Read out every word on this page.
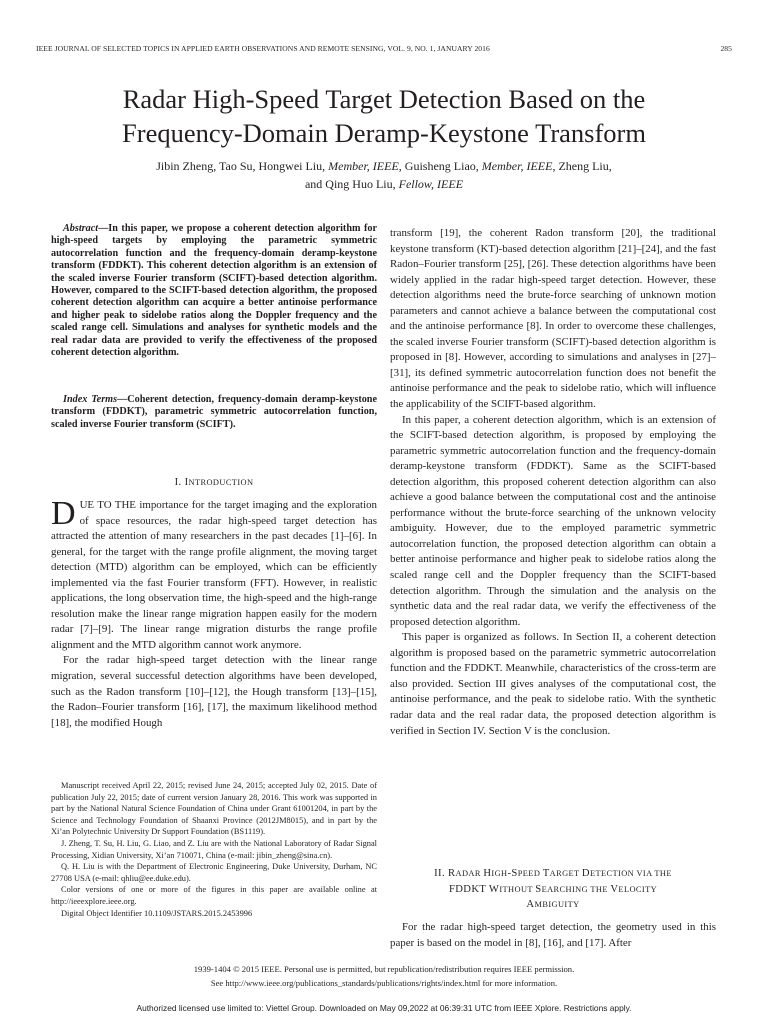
IEEE JOURNAL OF SELECTED TOPICS IN APPLIED EARTH OBSERVATIONS AND REMOTE SENSING, VOL. 9, NO. 1, JANUARY 2016	285
Radar High-Speed Target Detection Based on the
Frequency-Domain Deramp-Keystone Transform
Jibin Zheng, Tao Su, Hongwei Liu, Member, IEEE, Guisheng Liao, Member, IEEE, Zheng Liu,
and Qing Huo Liu, Fellow, IEEE

Abstract—In this paper, we propose a coherent detection algorithm for high-speed targets by employing the parametric symmetric autocorrelation function and the frequency-domain deramp-keystone transform (FDDKT). This coherent detection algorithm is an extension of the scaled inverse Fourier transform (SCIFT)-based detection algorithm. However, compared to the SCIFT-based detection algorithm, the proposed coherent detection algorithm can acquire a better antinoise performance and higher peak to sidelobe ratios along the Doppler frequency and the scaled range cell. Simulations and analyses for synthetic models and the real radar data are provided to verify the effectiveness of the proposed coherent detection algorithm.

Index Terms—Coherent detection, frequency-domain deramp-keystone transform (FDDKT), parametric symmetric autocorrelation function, scaled inverse Fourier transform (SCIFT).

I. INTRODUCTION

DUE TO THE importance for the target imaging and the exploration of space resources, the radar high-speed target detection has attracted the attention of many researchers in the past decades [1]–[6]. In general, for the target with the range profile alignment, the moving target detection (MTD) algorithm can be employed, which can be efficiently implemented via the fast Fourier transform (FFT). However, in realistic applications, the long observation time, the high-speed and the high-range resolution make the linear range migration happen easily for the modern radar [7]–[9]. The linear range migration disturbs the range profile alignment and the MTD algorithm cannot work anymore.

For the radar high-speed target detection with the linear range migration, several successful detection algorithms have been developed, such as the Radon transform [10]–[12], the Hough transform [13]–[15], the Radon–Fourier transform [16], [17], the maximum likelihood method [18], the modified Hough

Manuscript received April 22, 2015; revised June 24, 2015; accepted July 02, 2015. Date of publication July 22, 2015; date of current version January 28, 2016. This work was supported in part by the National Natural Science Foundation of China under Grant 61001204, in part by the Science and Technology Foundation of Shaanxi Province (2012JM8015), and in part by the Xi’an Polytechnic University Dr Support Foundation (BS1119).

J. Zheng, T. Su, H. Liu, G. Liao, and Z. Liu are with the National Laboratory of Radar Signal Processing, Xidian University, Xi’an 710071, China (e-mail: jibin_zheng@sina.cn).

Q. H. Liu is with the Department of Electronic Engineering, Duke University, Durham, NC 27708 USA (e-mail: qhliu@ee.duke.edu).

Color versions of one or more of the figures in this paper are available online at http://ieeexplore.ieee.org.

Digital Object Identifier 10.1109/JSTARS.2015.2453996

transform [19], the coherent Radon transform [20], the traditional keystone transform (KT)-based detection algorithm [21]–[24], and the fast Radon–Fourier transform [25], [26]. These detection algorithms have been widely applied in the radar high-speed target detection. However, these detection algorithms need the brute-force searching of unknown motion parameters and cannot achieve a balance between the computational cost and the antinoise performance [8]. In order to overcome these challenges, the scaled inverse Fourier transform (SCIFT)-based detection algorithm is proposed in [8]. However, according to simulations and analyses in [27]–[31], its defined symmetric autocorrelation function does not benefit the antinoise performance and the peak to sidelobe ratio, which will influence the applicability of the SCIFT-based algorithm.

In this paper, a coherent detection algorithm, which is an extension of the SCIFT-based detection algorithm, is proposed by employing the parametric symmetric autocorrelation function and the frequency-domain deramp-keystone transform (FDDKT). Same as the SCIFT-based detection algorithm, this proposed coherent detection algorithm can also achieve a good balance between the computational cost and the antinoise performance without the brute-force searching of the unknown velocity ambiguity. However, due to the employed parametric symmetric autocorrelation function, the proposed detection algorithm can obtain a better antinoise performance and higher peak to sidelobe ratios along the scaled range cell and the Doppler frequency than the SCIFT-based detection algorithm. Through the simulation and the analysis on the synthetic data and the real radar data, we verify the effectiveness of the proposed detection algorithm.

This paper is organized as follows. In Section II, a coherent detection algorithm is proposed based on the parametric symmetric autocorrelation function and the FDDKT. Meanwhile, characteristics of the cross-term are also provided. Section III gives analyses of the computational cost, the antinoise performance, and the peak to sidelobe ratio. With the synthetic radar data and the real radar data, the proposed detection algorithm is verified in Section IV. Section V is the conclusion.

II. RADAR HIGH-SPEED TARGET DETECTION VIA THE
FDDKT WITHOUT SEARCHING THE VELOCITY
AMBIGUITY

For the radar high-speed target detection, the geometry used in this paper is based on the model in [8], [16], and [17]. After

1939-1404 © 2015 IEEE. Personal use is permitted, but republication/redistribution requires IEEE permission.
See http://www.ieee.org/publications_standards/publications/rights/index.html for more information.
Authorized licensed use limited to: Viettel Group. Downloaded on May 09,2022 at 06:39:31 UTC from IEEE Xplore. Restrictions apply.
